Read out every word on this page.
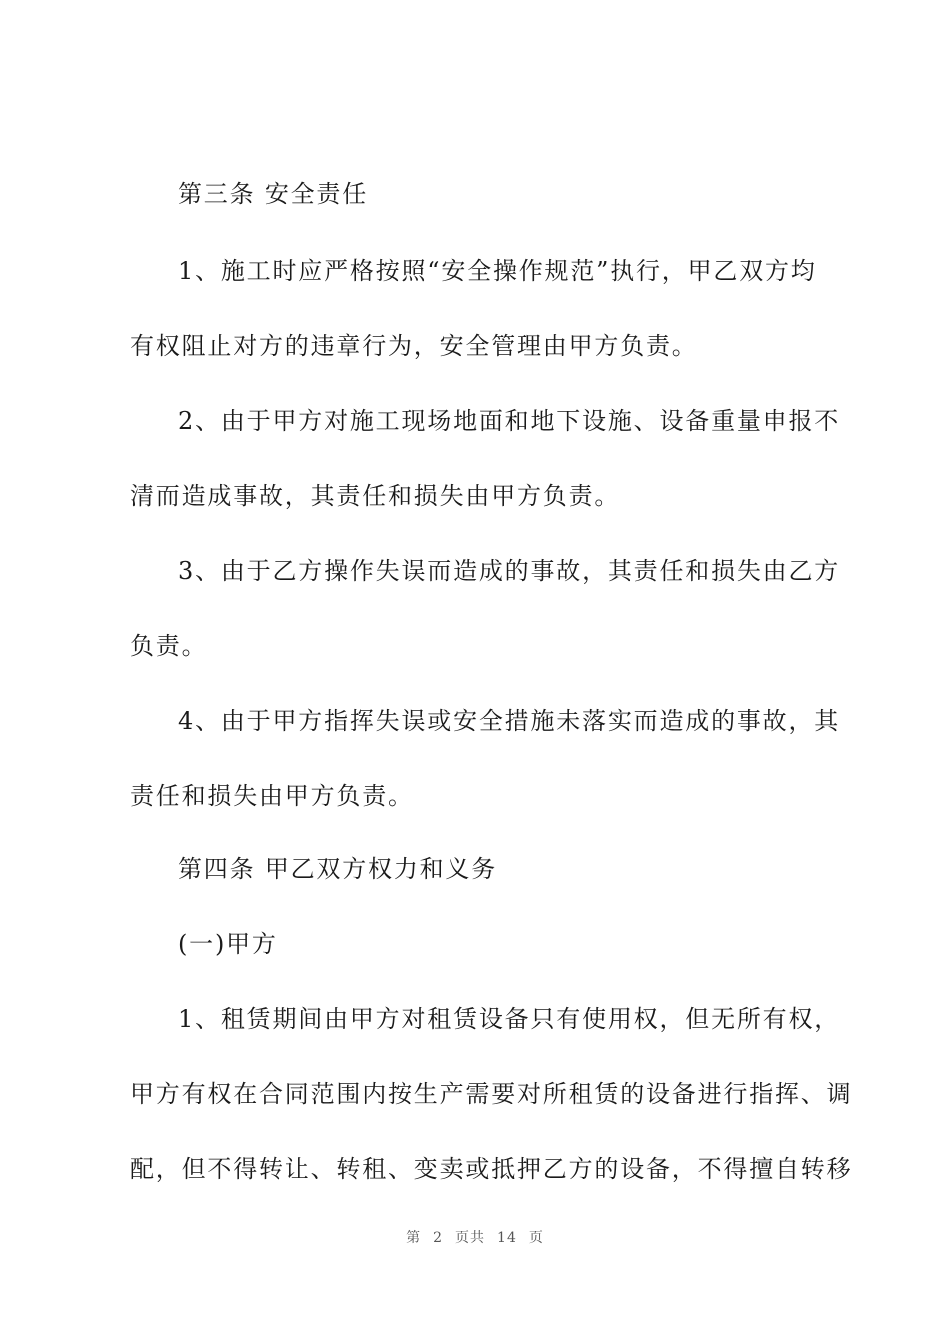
第三条 安全责任
1、施工时应严格按照“安全操作规范”执行，甲乙双方均
有权阻止对方的违章行为，安全管理由甲方负责。
2、由于甲方对施工现场地面和地下设施、设备重量申报不
清而造成事故，其责任和损失由甲方负责。
3、由于乙方操作失误而造成的事故，其责任和损失由乙方
负责。
4、由于甲方指挥失误或安全措施未落实而造成的事故，其
责任和损失由甲方负责。
第四条 甲乙双方权力和义务
(一)甲方
1、租赁期间由甲方对租赁设备只有使用权，但无所有权，
甲方有权在合同范围内按生产需要对所租赁的设备进行指挥、调
配，但不得转让、转租、变卖或抵押乙方的设备，不得擅自转移
第 2 页共 14 页
